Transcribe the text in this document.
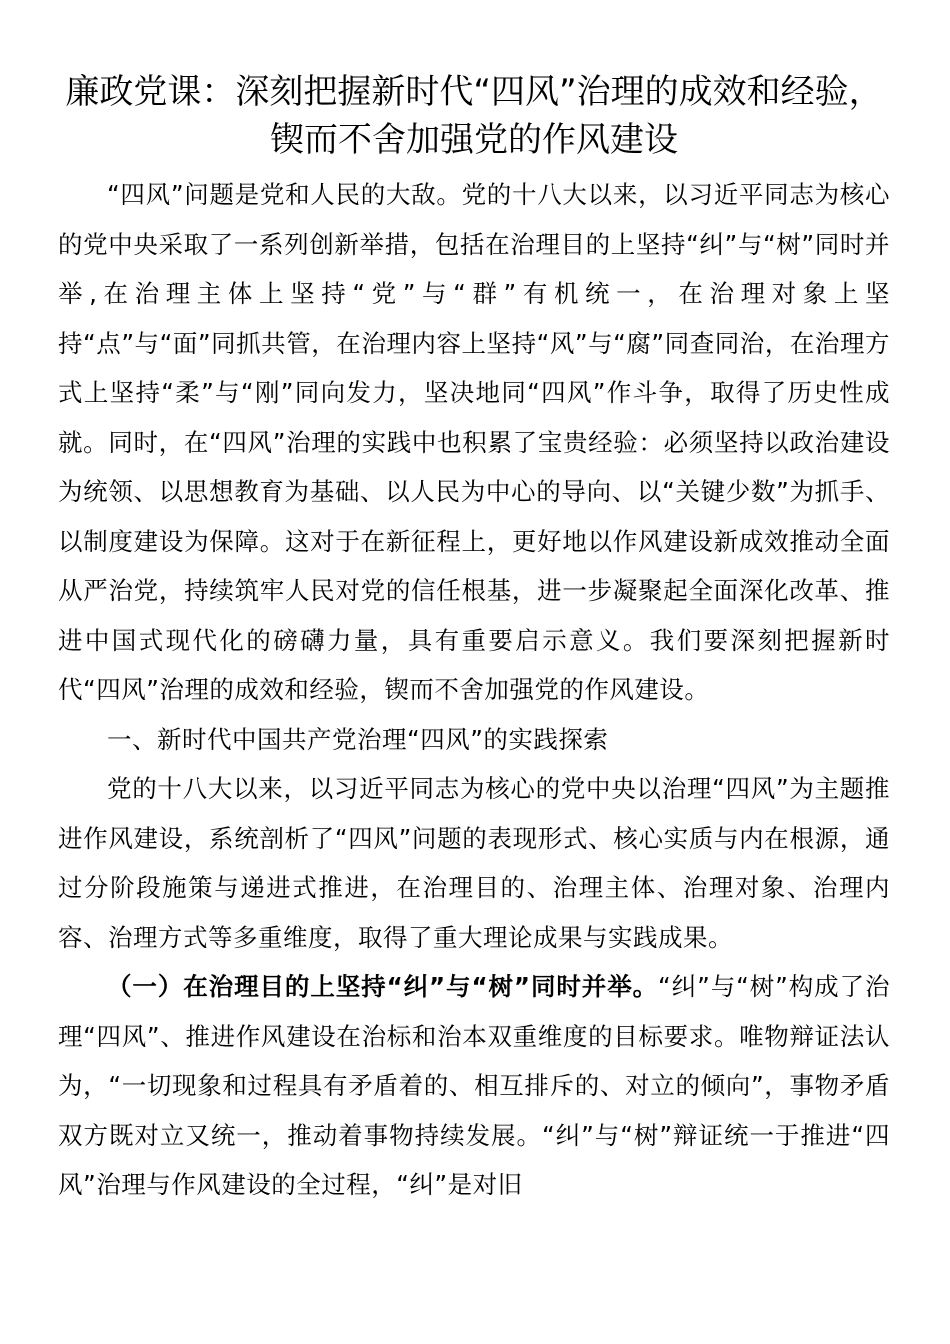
廉政党课：深刻把握新时代“四风”治理的成效和经验，锲而不舍加强党的作风建设

“四风”问题是党和人民的大敌。党的十八大以来，以习近平同志为核心的党中央采取了一系列创新举措，包括在治理目的上坚持“纠”与“树”同时并举,在治理主体上坚持“党”与“群”有机统一，在治理对象上坚持“点”与“面”同抓共管，在治理内容上坚持“风”与“腐”同查同治，在治理方式上坚持“柔”与“刚”同向发力，坚决地同“四风”作斗争，取得了历史性成就。同时，在“四风”治理的实践中也积累了宝贵经验：必须坚持以政治建设为统领、以思想教育为基础、以人民为中心的导向、以“关键少数”为抓手、以制度建设为保障。这对于在新征程上，更好地以作风建设新成效推动全面从严治党，持续筑牢人民对党的信任根基，进一步凝聚起全面深化改革、推进中国式现代化的磅礴力量，具有重要启示意义。我们要深刻把握新时代“四风”治理的成效和经验，锲而不舍加强党的作风建设。

一、新时代中国共产党治理“四风”的实践探索

党的十八大以来，以习近平同志为核心的党中央以治理“四风”为主题推进作风建设，系统剖析了“四风”问题的表现形式、核心实质与内在根源，通过分阶段施策与递进式推进，在治理目的、治理主体、治理对象、治理内容、治理方式等多重维度，取得了重大理论成果与实践成果。

（一）在治理目的上坚持“纠”与“树”同时并举。“纠”与“树”构成了治理“四风”、推进作风建设在治标和治本双重维度的目标要求。唯物辩证法认为，“一切现象和过程具有矛盾着的、相互排斥的、对立的倾向”，事物矛盾双方既对立又统一，推动着事物持续发展。“纠”与“树”辩证统一于推进“四风”治理与作风建设的全过程，“纠”是对旧
